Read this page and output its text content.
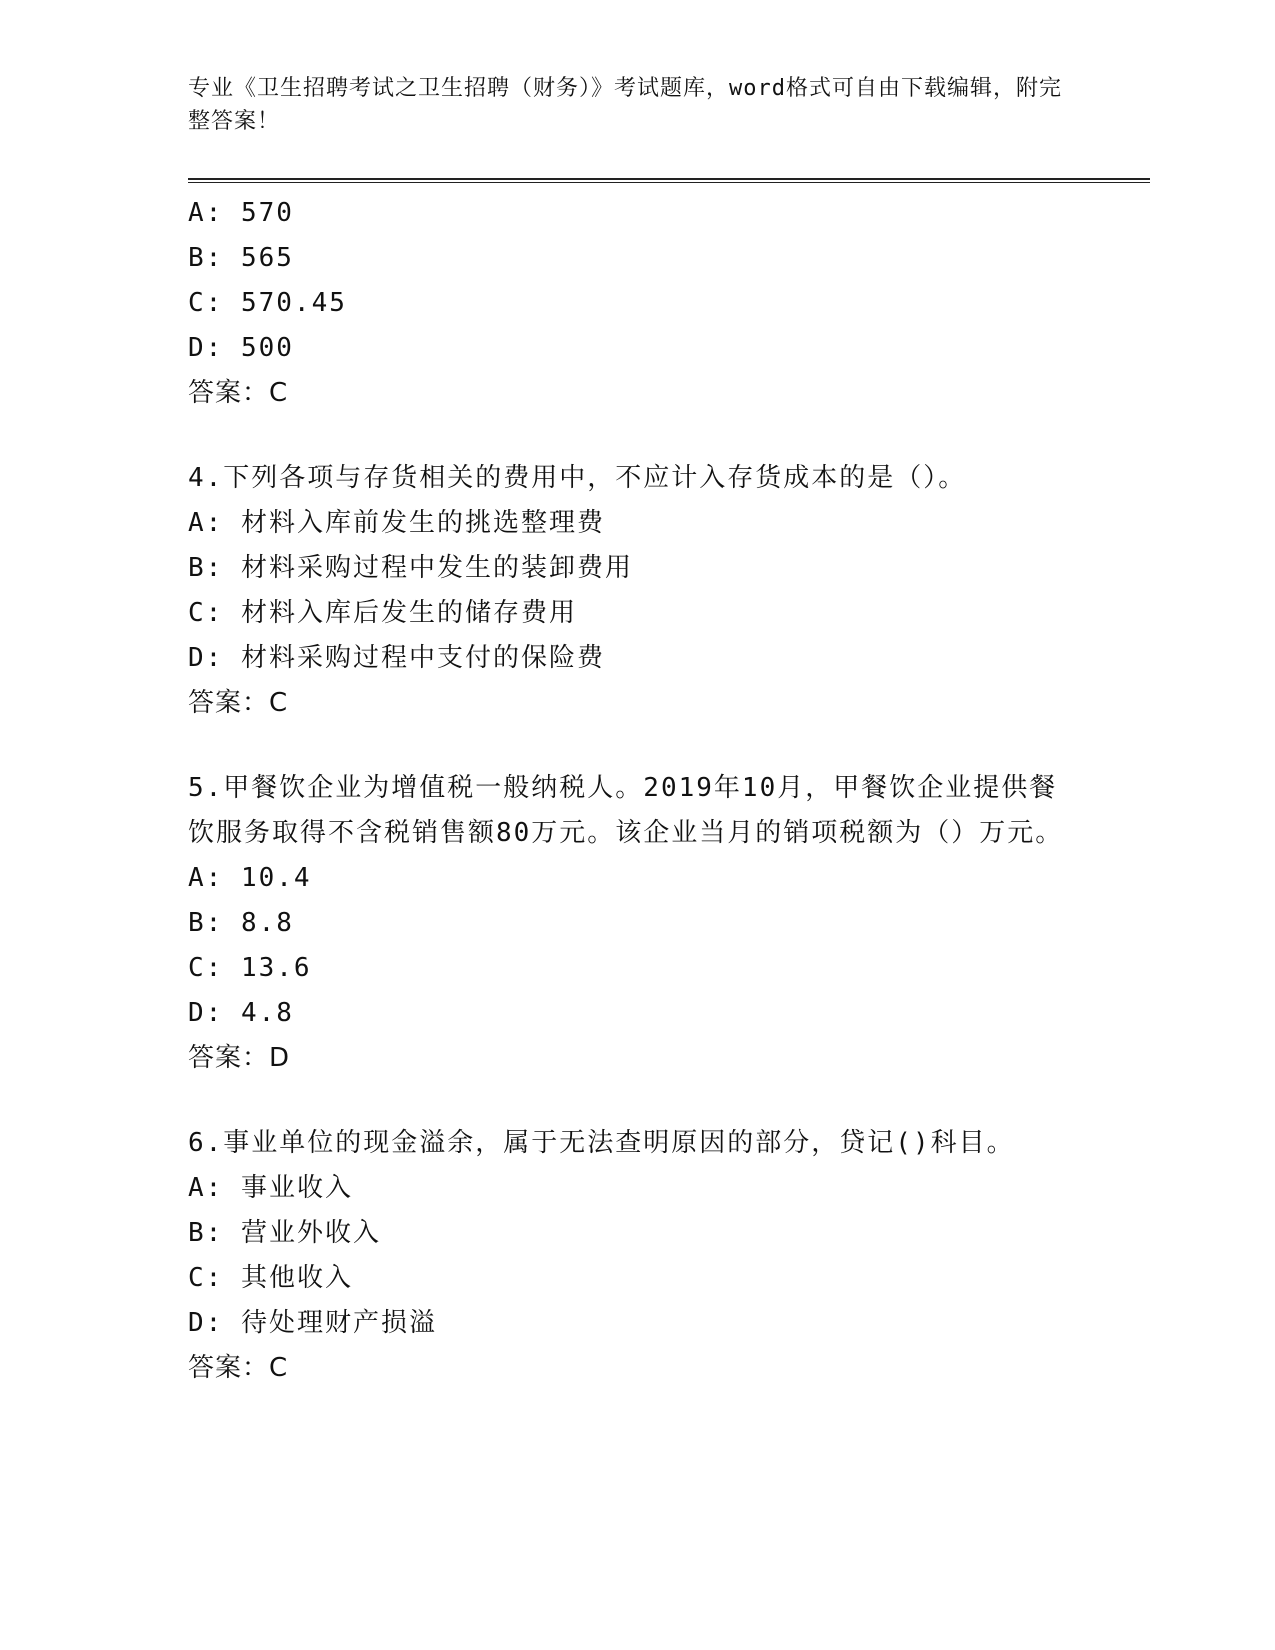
专业《卫生招聘考试之卫生招聘（财务）》考试题库，word格式可自由下载编辑，附完整答案！
A: 570
B: 565
C: 570.45
D: 500
答案：C
4.下列各项与存货相关的费用中，不应计入存货成本的是（）。
A: 材料入库前发生的挑选整理费
B: 材料采购过程中发生的装卸费用
C: 材料入库后发生的储存费用
D: 材料采购过程中支付的保险费
答案：C
5.甲餐饮企业为增值税一般纳税人。2019年10月，甲餐饮企业提供餐饮服务取得不含税销售额80万元。该企业当月的销项税额为（）万元。
A: 10.4
B: 8.8
C: 13.6
D: 4.8
答案：D
6.事业单位的现金溢余，属于无法查明原因的部分，贷记()科目。
A: 事业收入
B: 营业外收入
C: 其他收入
D: 待处理财产损溢
答案：C
